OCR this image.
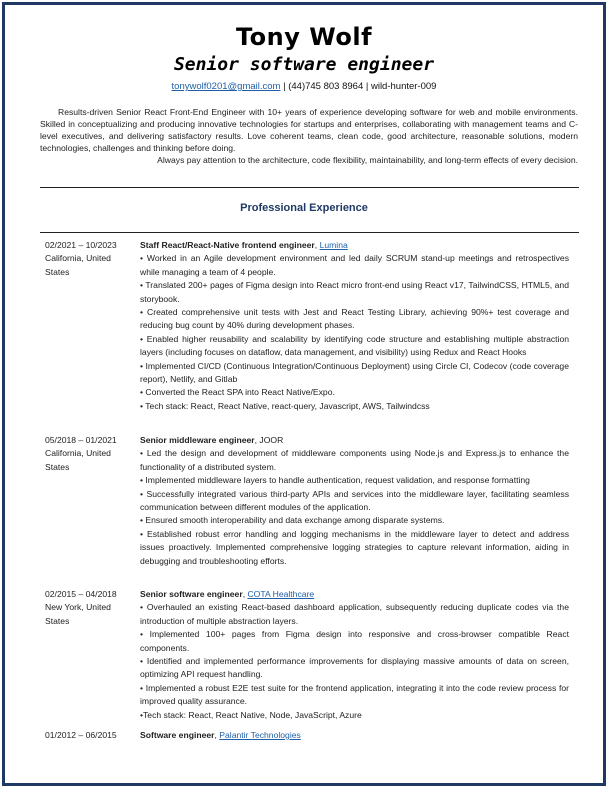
Tony Wolf
Senior software engineer
tonywolf0201@gmail.com | (44)745 803 8964 | wild-hunter-009

Results-driven Senior React Front-End Engineer with 10+ years of experience developing software for web and mobile environments. Skilled in conceptualizing and producing innovative technologies for startups and enterprises, collaborating with management teams and C-level executives, and delivering satisfactory results. Love coherent teams, clean code, good architecture, reasonable solutions, modern technologies, challenges and thinking before doing.

Always pay attention to the architecture, code flexibility, maintainability, and long-term effects of every decision.

Professional Experience
02/2021 – 10/2023 California, United States
Staff React/React-Native frontend engineer, Lumina
• Worked in an Agile development environment and led daily SCRUM stand-up meetings and retrospectives while managing a team of 4 people.
• Translated 200+ pages of Figma design into React micro front-end using React v17, TailwindCSS, HTML5, and storybook.
• Created comprehensive unit tests with Jest and React Testing Library, achieving 90%+ test coverage and reducing bug count by 40% during development phases.
• Enabled higher reusability and scalability by identifying code structure and establishing multiple abstraction layers (including focuses on dataflow, data management, and visibility) using Redux and React Hooks
• Implemented CI/CD (Continuous Integration/Continuous Deployment) using Circle CI, Codecov (code coverage report), Netlify, and Gitlab
• Converted the React SPA into React Native/Expo.
• Tech stack: React, React Native, react-query, Javascript, AWS, Tailwindcss
05/2018 – 01/2021 California, United States
Senior middleware engineer, JOOR
• Led the design and development of middleware components using Node.js and Express.js to enhance the functionality of a distributed system.
• Implemented middleware layers to handle authentication, request validation, and response formatting
• Successfully integrated various third-party APIs and services into the middleware layer, facilitating seamless communication between different modules of the application.
• Ensured smooth interoperability and data exchange among disparate systems.
• Established robust error handling and logging mechanisms in the middleware layer to detect and address issues proactively. Implemented comprehensive logging strategies to capture relevant information, aiding in debugging and troubleshooting efforts.
02/2015 – 04/2018 New York, United States
Senior software engineer, COTA Healthcare
• Overhauled an existing React-based dashboard application, subsequently reducing duplicate codes via the introduction of multiple abstraction layers.
• Implemented 100+ pages from Figma design into responsive and cross-browser compatible React components.
• Identified and implemented performance improvements for displaying massive amounts of data on screen, optimizing API request handling.
• Implemented a robust E2E test suite for the frontend application, integrating it into the code review process for improved quality assurance.
•Tech stack: React, React Native, Node, JavaScript, Azure
01/2012 – 06/2015	Software engineer, Palantir Technologies
